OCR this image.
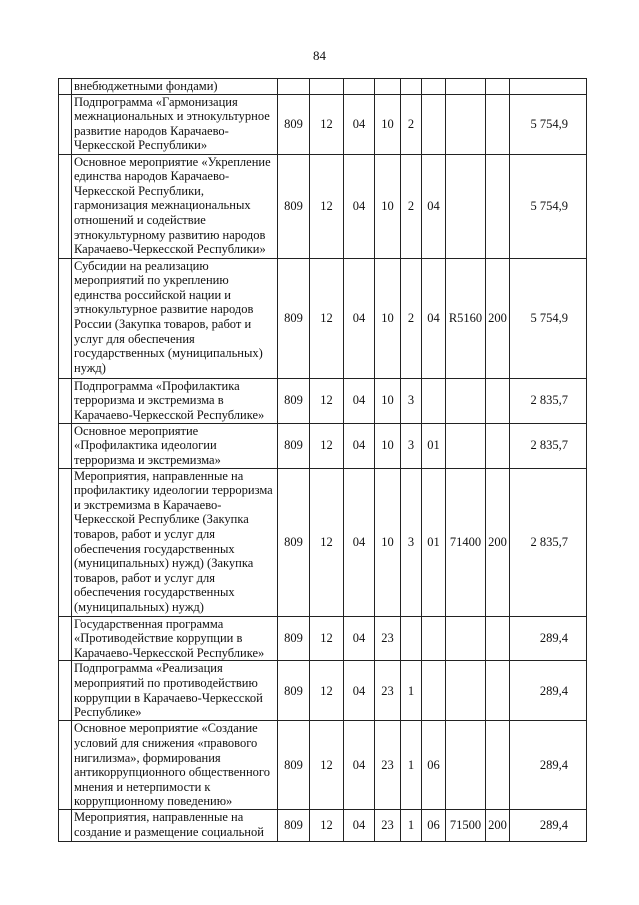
84
	внебюджетными фондами)									
	Подпрограмма «Гармонизация межнациональных и этнокультурное развитие народов Карачаево-Черкесской Республики»	809	12	04	10	2				5 754,9
	Основное мероприятие «Укрепление единства народов Карачаево-Черкесской Республики, гармонизация межнациональных отношений и содействие этнокультурному развитию народов Карачаево-Черкесской Республики»	809	12	04	10	2	04			5 754,9
	Субсидии на реализацию мероприятий по укреплению единства российской нации и этнокультурное развитие народов России (Закупка товаров, работ и услуг для обеспечения государственных (муниципальных) нужд)	809	12	04	10	2	04	R5160	200	5 754,9
	Подпрограмма «Профилактика терроризма и экстремизма в Карачаево-Черкесской Республике»	809	12	04	10	3				2 835,7
	Основное мероприятие «Профилактика идеологии терроризма и экстремизма»	809	12	04	10	3	01			2 835,7
	Мероприятия, направленные на профилактику идеологии терроризма и экстремизма в Карачаево-Черкесской Республике (Закупка товаров, работ и услуг для обеспечения государственных (муниципальных) нужд) (Закупка товаров, работ и услуг для обеспечения государственных (муниципальных) нужд)	809	12	04	10	3	01	71400	200	2 835,7
	Государственная программа «Противодействие коррупции в Карачаево-Черкесской Республике»	809	12	04	23					289,4
	Подпрограмма «Реализация мероприятий по противодействию коррупции в Карачаево-Черкесской Республике»	809	12	04	23	1				289,4
	Основное мероприятие «Создание условий для снижения «правового нигилизма», формирования антикоррупционного общественного мнения и нетерпимости к коррупционному поведению»	809	12	04	23	1	06			289,4
	Мероприятия, направленные на создание и размещение социальной	809	12	04	23	1	06	71500	200	289,4
